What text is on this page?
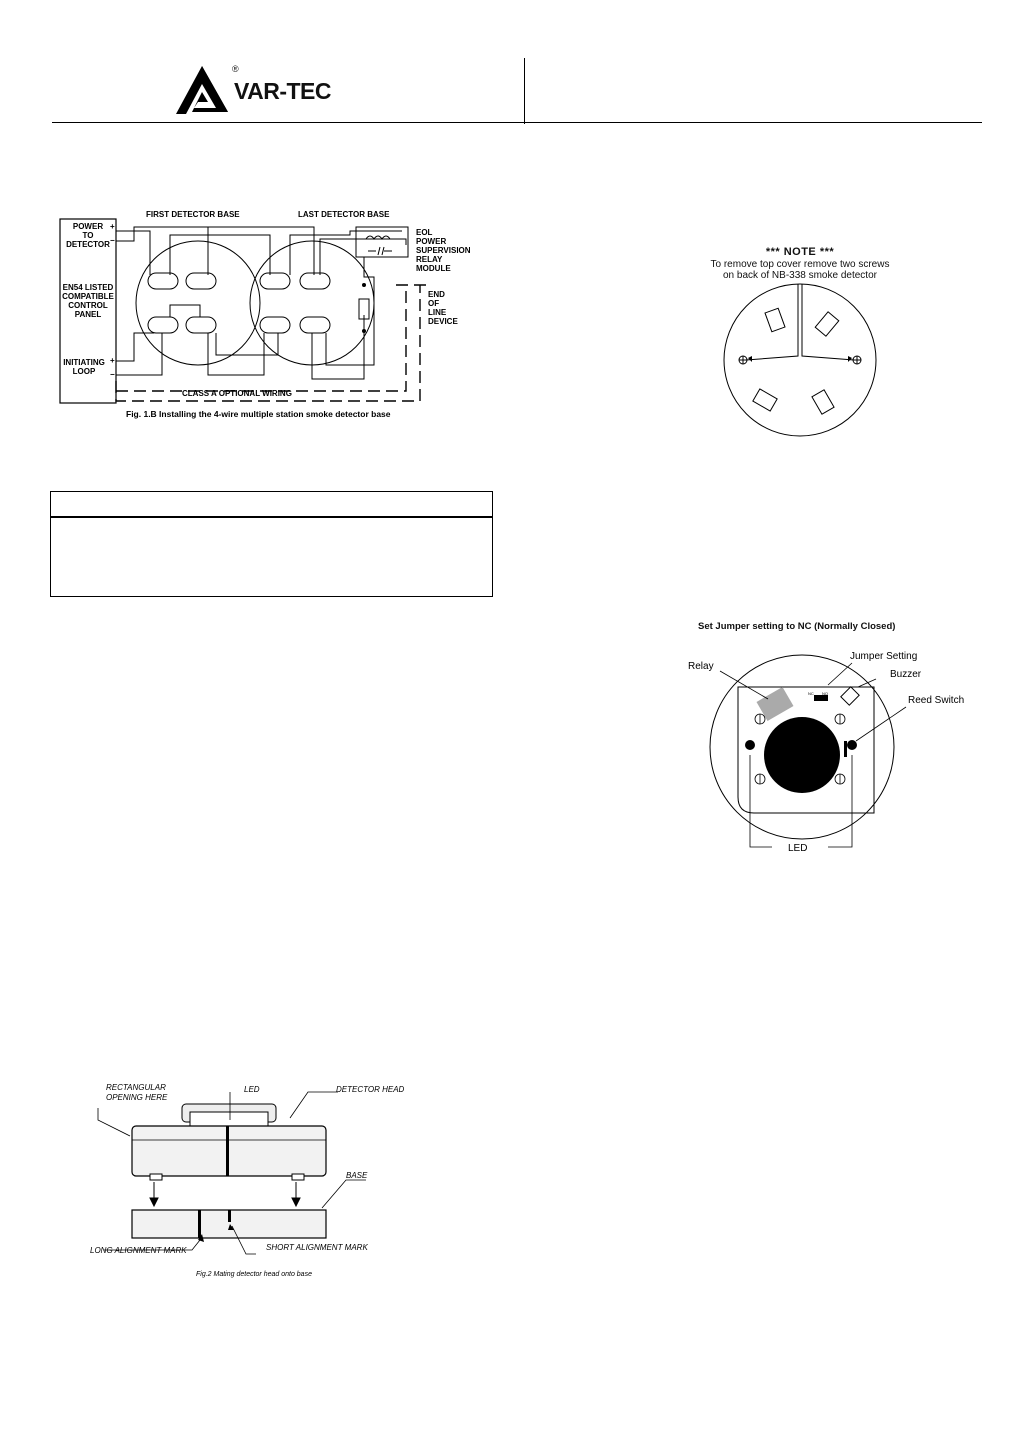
®
VAR-TEC
POWER
TO
DETECTOR
EN54 LISTED
COMPATIBLE
CONTROL
PANEL
INITIATING
LOOP
+
−
+
−
FIRST DETECTOR BASE	LAST DETECTOR BASE
EOL
POWER
SUPERVISION
RELAY
MODULE
END
OF
LINE
DEVICE
CLASS A OPTIONAL WIRING
Fig. 1.B Installing the 4-wire multiple station smoke detector base
*** NOTE ***
To remove top cover remove two screws
on back of NB-338 smoke detector
Set Jumper setting to NC (Normally Closed)
NC NO
Relay
Jumper Setting
Buzzer
Reed Switch
LED
RECTANGULAR
OPENING HERE
LED	DETECTOR HEAD
BASE
LONG ALIGNMENT MARK	SHORT ALIGNMENT MARK
Fig.2 Mating detector head onto base
